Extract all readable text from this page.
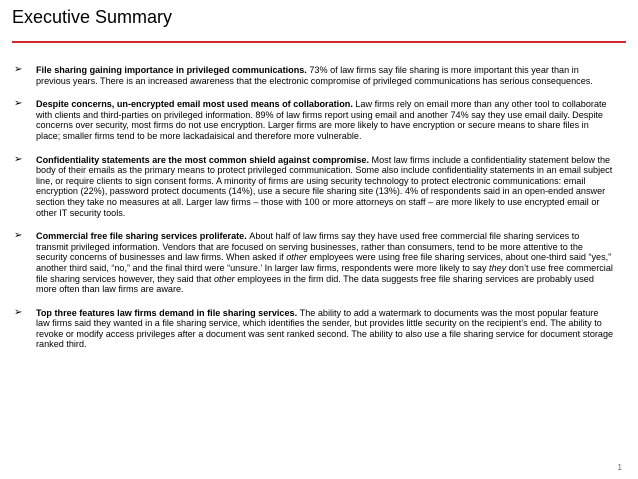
Executive Summary
➢ File sharing gaining importance in privileged communications. 73% of law firms say file sharing is more important this year than in previous years. There is an increased awareness that the electronic compromise of privileged communications has serious consequences.
➢ Despite concerns, un-encrypted email most used means of collaboration. Law firms rely on email more than any other tool to collaborate with clients and third-parties on privileged information. 89% of law firms report using email and another 74% say they use email daily. Despite concerns over security, most firms do not use encryption. Larger firms are more likely to have encryption or secure means to share files in place; smaller firms tend to be more lackadaisical and therefore more vulnerable.
➢ Confidentiality statements are the most common shield against compromise. Most law firms include a confidentiality statement below the body of their emails as the primary means to protect privileged communication. Some also include confidentiality statements in an email subject line, or require clients to sign consent forms. A minority of firms are using security technology to protect electronic communications: email encryption (22%), password protect documents (14%), use a secure file sharing site (13%). 4% of respondents said in an open-ended answer section they take no measures at all. Larger law firms – those with 100 or more attorneys on staff – are more likely to use encrypted email or other IT security tools.
➢ Commercial free file sharing services proliferate. About half of law firms say they have used free commercial file sharing services to transmit privileged information. Vendors that are focused on serving businesses, rather than consumers, tend to be more attentive to the security concerns of businesses and law firms. When asked if other employees were using free file sharing services, about one-third said “yes,” another third said, “no,” and the final third were “unsure.’ In larger law firms, respondents were more likely to say they don’t use free commercial file sharing services however, they said that other employees in the firm did. The data suggests free file sharing services are probably used more often than law firms are aware.
➢ Top three features law firms demand in file sharing services. The ability to add a watermark to documents was the most popular feature law firms said they wanted in a file sharing service, which identifies the sender, but provides little security on the recipient’s end. The ability to revoke or modify access privileges after a document was sent ranked second. The ability to also use a file sharing service for document storage ranked third.
1
